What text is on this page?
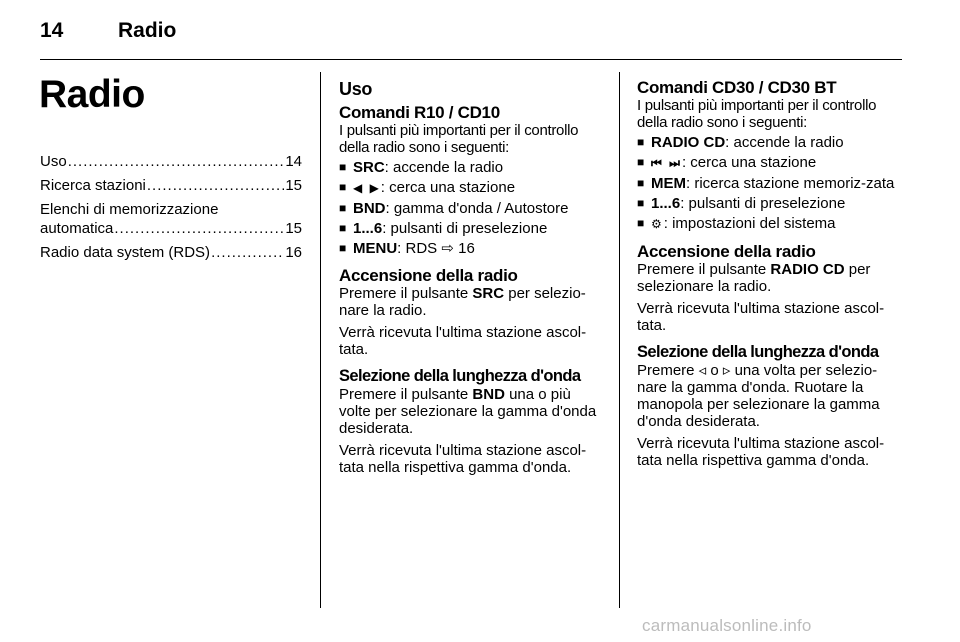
14	Radio
Radio
Uso .....	14
Ricerca stazioni .....	15
Elenchi di memorizzazione
automatica .....	15
Radio data system (RDS) .....	16
Uso
Comandi R10 / CD10

I pulsanti più importanti per il controllo della radio sono i seguenti:

■ SRC: accende la radio
■ ◀ ▶: cerca una stazione
■ BND: gamma d'onda / Autostore
■ 1...6: pulsanti di preselezione
■ MENU: RDS ⇨ 16
Accensione della radio

Premere il pulsante SRC per selezio-nare la radio.

Verrà ricevuta l'ultima stazione ascol-tata.

Selezione della lunghezza d'onda

Premere il pulsante BND una o più volte per selezionare la gamma d'onda desiderata.

Verrà ricevuta l'ultima stazione ascol-tata nella rispettiva gamma d'onda.

Comandi CD30 / CD30 BT

I pulsanti più importanti per il controllo della radio sono i seguenti:

■ RADIO CD: accende la radio
■ ⏮ ⏭: cerca una stazione
■ MEM: ricerca stazione memoriz-zata
■ 1...6: pulsanti di preselezione
■ ⚙: impostazioni del sistema
Accensione della radio

Premere il pulsante RADIO CD per selezionare la radio.

Verrà ricevuta l'ultima stazione ascol-tata.

Selezione della lunghezza d'onda

Premere ◃ o ▹ una volta per selezio-nare la gamma d'onda. Ruotare la manopola per selezionare la gamma d'onda desiderata.

Verrà ricevuta l'ultima stazione ascol-tata nella rispettiva gamma d'onda.

carmanualsonline.info
